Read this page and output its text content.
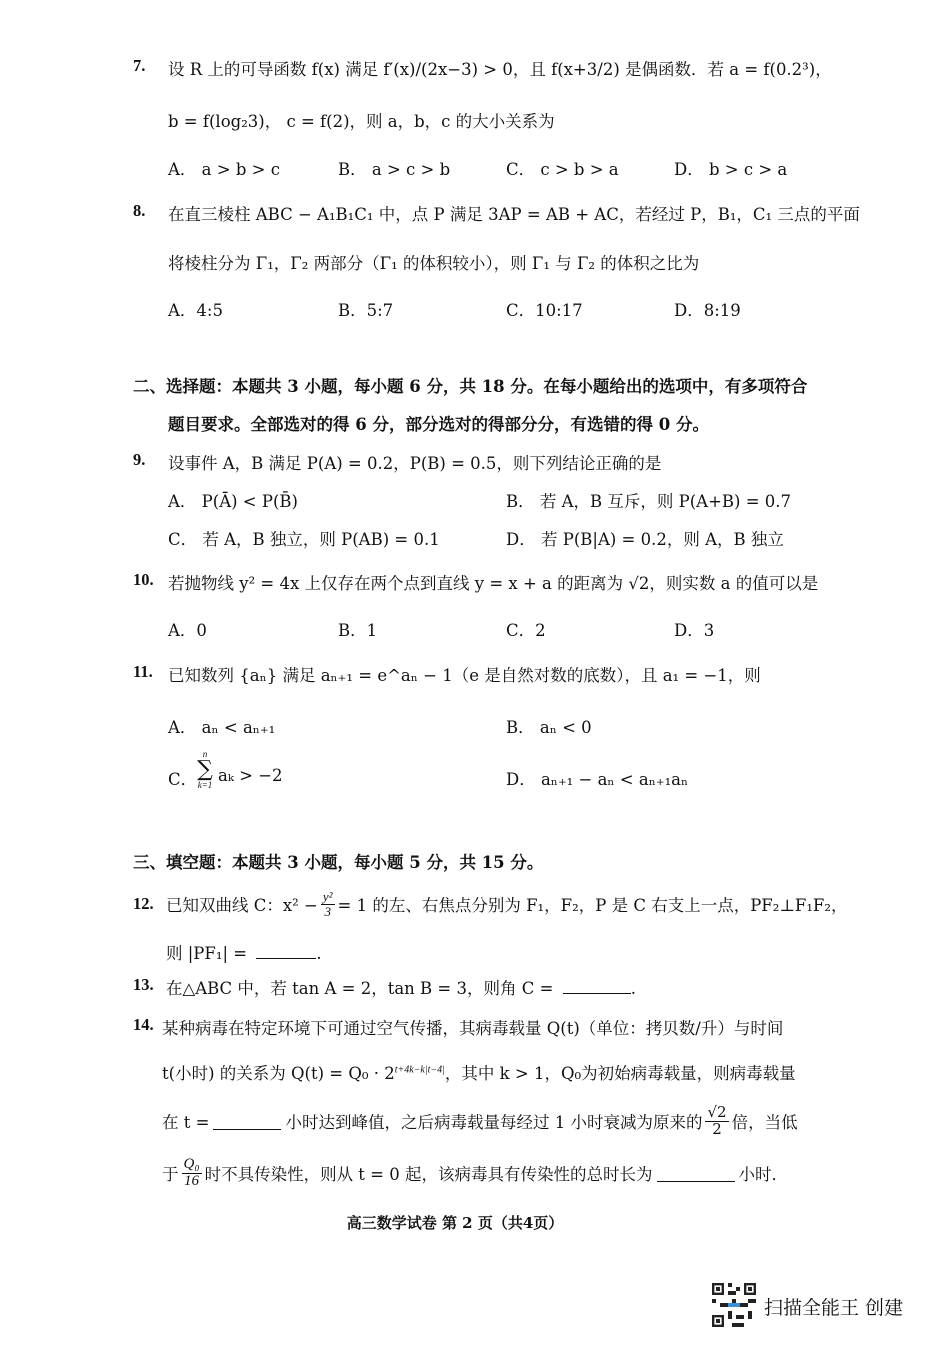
7. 设 R 上的可导函数 f(x) 满足 f′(x)/(2x−3) > 0，且 f(x+3/2) 是偶函数．若 a = f(0.2³)，
b = f(log₂3)， c = f(2)，则 a，b，c 的大小关系为
A． a > b > c	B． a > c > b	C． c > b > a	D． b > c > a
8. 在直三棱柱 ABC − A₁B₁C₁ 中，点 P 满足 3AP = AB + AC，若经过 P，B₁，C₁ 三点的平面
将棱柱分为 Γ₁，Γ₂ 两部分（Γ₁ 的体积较小），则 Γ₁ 与 Γ₂ 的体积之比为
A．4:5	B．5:7	C．10:17	D．8:19
二、选择题：本题共 3 小题，每小题 6 分，共 18 分。在每小题给出的选项中，有多项符合
题目要求。全部选对的得 6 分，部分选对的得部分分，有选错的得 0 分。
9. 设事件 A，B 满足 P(A) = 0.2，P(B) = 0.5，则下列结论正确的是
A． P(Ā) < P(B̄)	B． 若 A，B 互斥，则 P(A+B) = 0.7
C． 若 A，B 独立，则 P(AB) = 0.1	D． 若 P(B|A) = 0.2，则 A，B 独立
10. 若抛物线 y² = 4x 上仅存在两个点到直线 y = x + a 的距离为 √2，则实数 a 的值可以是
A．0	B．1	C．2	D．3
11. 已知数列 {aₙ} 满足 aₙ₊₁ = e^aₙ − 1（e 是自然对数的底数），且 a₁ = −1，则
A． aₙ < aₙ₊₁	B． aₙ < 0
C．
n
∑
k=1 aₖ > −2	D． aₙ₊₁ − aₙ < aₙ₊₁aₙ
三、填空题：本题共 3 小题，每小题 5 分，共 15 分。
12. 已知双曲线 C：$x^2 - \frac{\text{y²}}{3} = 1$ 的左、右焦点分别为 F₁，F₂，P 是 C 右支上一点，PF₂⊥F₁F₂，
则 |PF₁| =	.
13. 在△ABC 中，若 tan A = 2，tan B = 3，则角 C =	.
14. 某种病毒在特定环境下可通过空气传播，其病毒载量 Q(t)（单位：拷贝数/升）与时间
t(小时) 的关系为 $Q(t) = Q_0 \cdot 2^{t+4k-k|t-4|}$，其中 k > 1，Q₀为初始病毒载量，则病毒载量
在 t =	小时达到峰值，之后病毒载量每经过 1 小时衰减为原来的 $\frac{√2}{2}$ 倍，当低
于 $\frac{\text{Q₀}}{16}$ 时不具传染性，则从 t = 0 起，该病毒具有传染性的总时长为	小时．
高三数学试卷 第 2 页（共4页）
扫描全能王 创建
